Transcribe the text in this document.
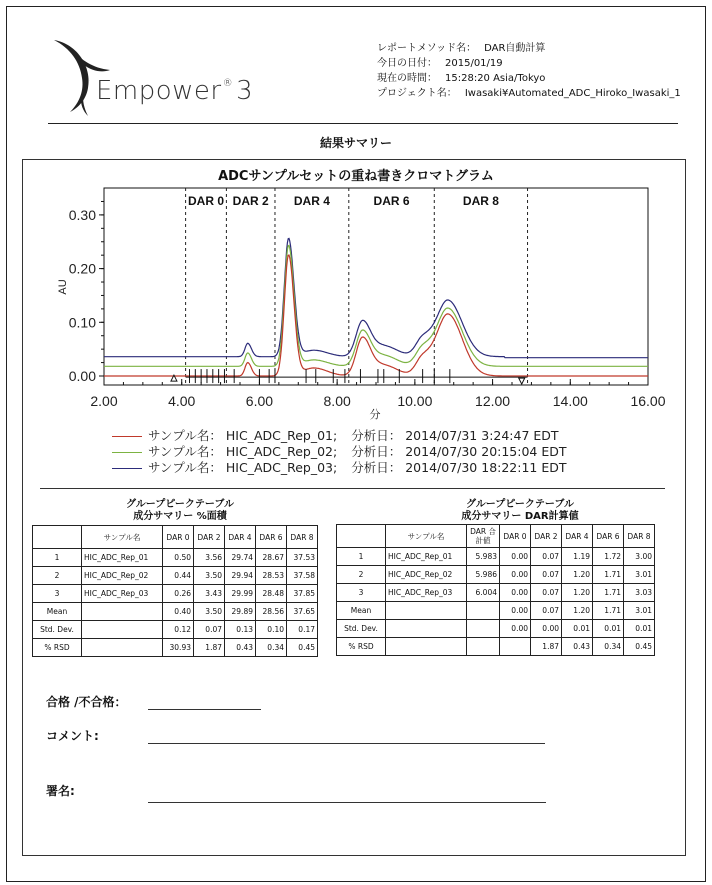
Empower® 3
レポートメソッド名： DAR自動計算
今日の日付： 2015/01/19
現在の時間： 15:28:20 Asia/Tokyo
プロジェクト名： Iwasaki¥Automated_ADC_Hiroko_Iwasaki_1
結果サマリー
ADCサンプルセットの重ね書きクロマトグラム
0.00
0.10
0.20
0.30
2.00	4.00	6.00	8.00	10.00	12.00	14.00	16.00
AU
分
DAR 0 DAR 2 DAR 4	DAR 6	DAR 8
サンプル名：
HIC_ADC_Rep_01; 分析日：
2014/07/31 3:24:47 EDT
サンプル名：
HIC_ADC_Rep_02; 分析日：
2014/07/30 20:15:04 EDT
サンプル名：
HIC_ADC_Rep_03; 分析日：
2014/07/30 18:22:11 EDT
グループピークテーブル
成分サマリー %面積
	サンプル名	DAR 0	DAR 2	DAR 4	DAR 6	DAR 8
1	HIC_ADC_Rep_01	0.50	3.56	29.74	28.67	37.53
2	HIC_ADC_Rep_02	0.44	3.50	29.94	28.53	37.58
3	HIC_ADC_Rep_03	0.26	3.43	29.99	28.48	37.85
Mean		0.40	3.50	29.89	28.56	37.65
Std. Dev.		0.12	0.07	0.13	0.10	0.17
% RSD		30.93	1.87	0.43	0.34	0.45
グループピークテーブル
成分サマリー DAR計算値
	サンプル名	DAR 合計値	DAR 0	DAR 2	DAR 4	DAR 6	DAR 8
1	HIC_ADC_Rep_01	5.983	0.00	0.07	1.19	1.72	3.00
2	HIC_ADC_Rep_02	5.986	0.00	0.07	1.20	1.71	3.01
3	HIC_ADC_Rep_03	6.004	0.00	0.07	1.20	1.71	3.03
Mean			0.00	0.07	1.20	1.71	3.01
Std. Dev.			0.00	0.00	0.01	0.01	0.01
% RSD				1.87	0.43	0.34	0.45
合格 /不合格：
コメント:
署名:
